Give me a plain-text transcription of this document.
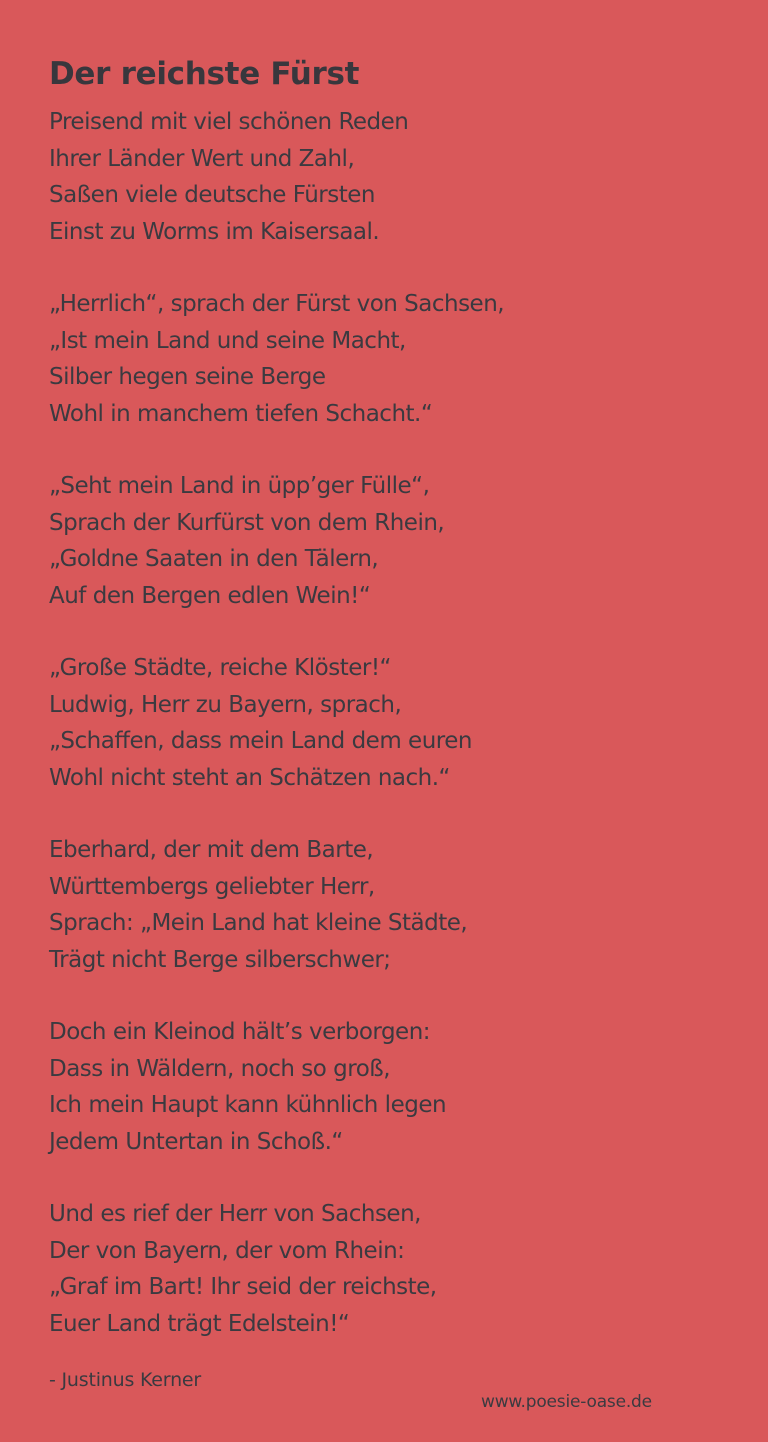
Der reichste Fürst
Preisend mit viel schönen Reden
Ihrer Länder Wert und Zahl,
Saßen viele deutsche Fürsten
Einst zu Worms im Kaisersaal.
„Herrlich“, sprach der Fürst von Sachsen,
„Ist mein Land und seine Macht,
Silber hegen seine Berge
Wohl in manchem tiefen Schacht.“
„Seht mein Land in üpp’ger Fülle“,
Sprach der Kurfürst von dem Rhein,
„Goldne Saaten in den Tälern,
Auf den Bergen edlen Wein!“
„Große Städte, reiche Klöster!“
Ludwig, Herr zu Bayern, sprach,
„Schaffen, dass mein Land dem euren
Wohl nicht steht an Schätzen nach.“
Eberhard, der mit dem Barte,
Württembergs geliebter Herr,
Sprach: „Mein Land hat kleine Städte,
Trägt nicht Berge silberschwer;
Doch ein Kleinod hält’s verborgen:
Dass in Wäldern, noch so groß,
Ich mein Haupt kann kühnlich legen
Jedem Untertan in Schoß.“
Und es rief der Herr von Sachsen,
Der von Bayern, der vom Rhein:
„Graf im Bart! Ihr seid der reichste,
Euer Land trägt Edelstein!“
- Justinus Kerner
www.poesie-oase.de
